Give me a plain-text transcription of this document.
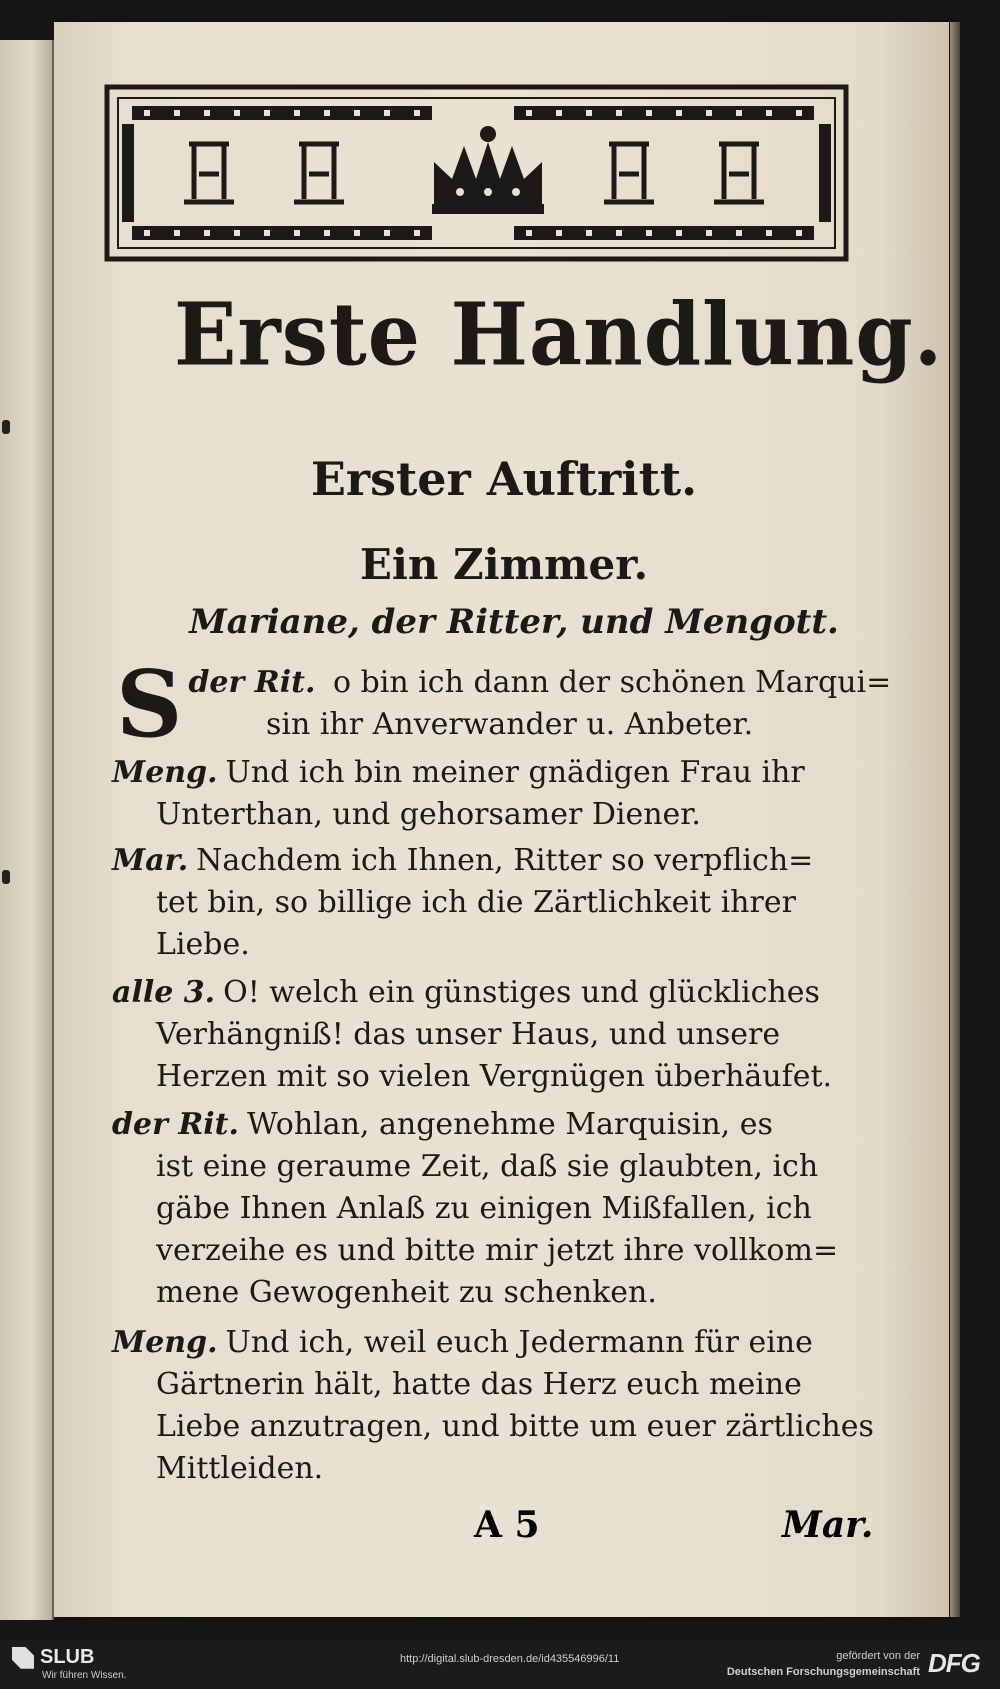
Erste Handlung.
Erster Auftritt.
Ein Zimmer.
Mariane, der Ritter, und Mengott.
der Rit.
S	o bin ich dann der schönen Marqui=
sin ihr Anverwander u. Anbeter.
Meng. Und ich bin meiner gnädigen Frau ihr
Unterthan, und gehorsamer Diener.
Mar. Nachdem ich Ihnen, Ritter so verpflich=
tet bin, so billige ich die Zärtlichkeit ihrer
Liebe.
alle 3. O! welch ein günstiges und glückliches
Verhängniß! das unser Haus, und unsere
Herzen mit so vielen Vergnügen überhäufet.
der Rit. Wohlan, angenehme Marquisin, es
ist eine geraume Zeit, daß sie glaubten, ich
gäbe Ihnen Anlaß zu einigen Mißfallen, ich
verzeihe es und bitte mir jetzt ihre vollkom=
mene Gewogenheit zu schenken.
Meng. Und ich, weil euch Jedermann für eine
Gärtnerin hält, hatte das Herz euch meine
Liebe anzutragen, und bitte um euer zärtliches
Mittleiden.
A 5	Mar.
SLUB
Wir führen Wissen.
http://digital.slub-dresden.de/id435546996/11	gefördert von der
Deutschen Forschungsgemeinschaft DFG
